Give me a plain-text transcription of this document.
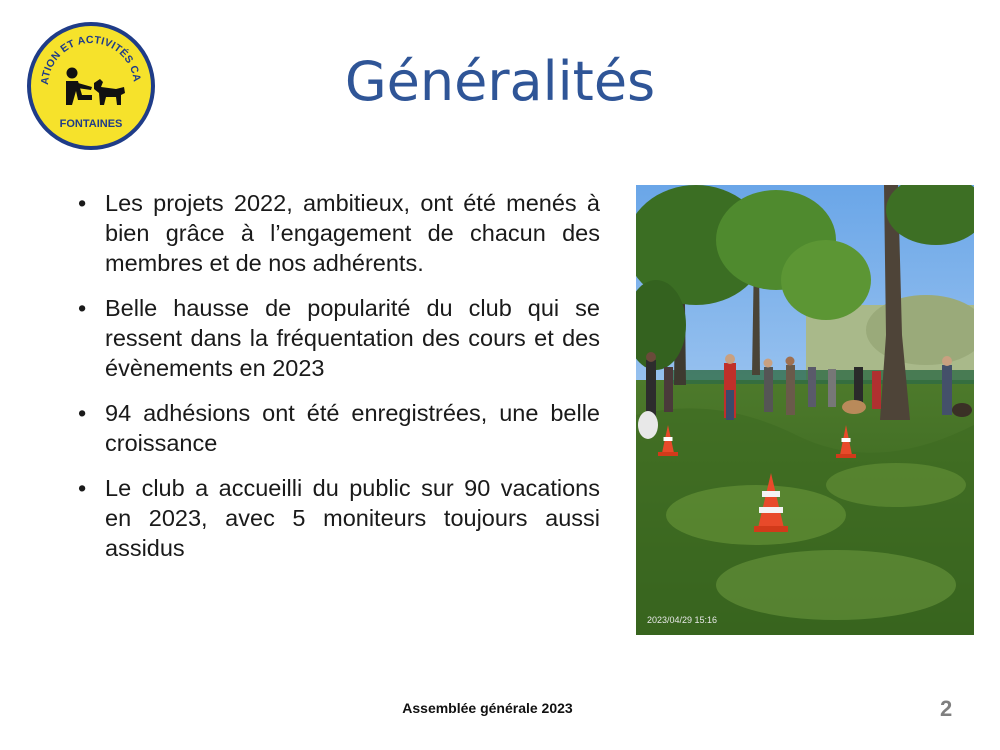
ATION ET ACTIVITÉS CA
FONTAINES
Généralités
• Les projets 2022, ambitieux, ont été menés à bien grâce à l’engagement de chacun des membres et de nos adhérents.
• Belle hausse de popularité du club qui se ressent dans la fréquentation des cours et des évènements en 2023
• 94 adhésions ont été enregistrées, une belle croissance
• Le club a accueilli du public sur 90 vacations en 2023, avec 5 moniteurs toujours aussi assidus
2023/04/29 15:16
Assemblée générale 2023	2
